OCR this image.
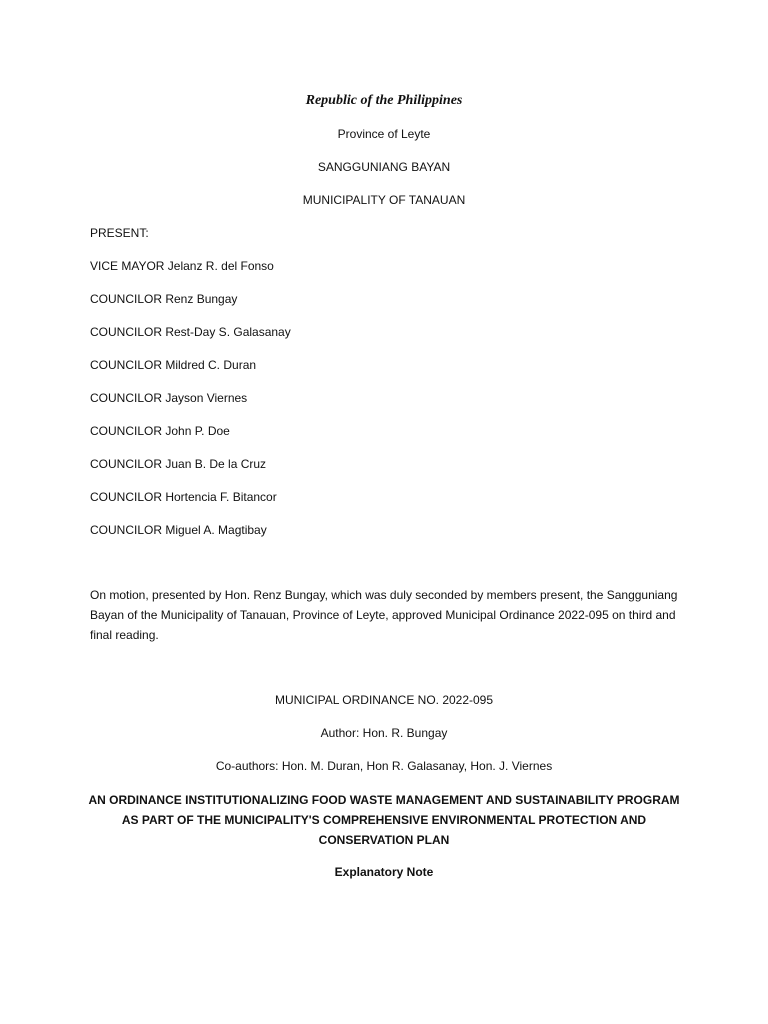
Republic of the Philippines
Province of Leyte
SANGGUNIANG BAYAN
MUNICIPALITY OF TANAUAN
PRESENT:
VICE MAYOR Jelanz R. del Fonso
COUNCILOR Renz Bungay
COUNCILOR Rest-Day S. Galasanay
COUNCILOR Mildred C. Duran
COUNCILOR Jayson Viernes
COUNCILOR John P. Doe
COUNCILOR Juan B. De la Cruz
COUNCILOR Hortencia F. Bitancor
COUNCILOR Miguel A. Magtibay
On motion, presented by Hon. Renz Bungay, which was duly seconded by members present, the Sangguniang Bayan of the Municipality of Tanauan, Province of Leyte, approved Municipal Ordinance 2022-095 on third and final reading.
MUNICIPAL ORDINANCE NO. 2022-095
Author: Hon. R. Bungay
Co-authors: Hon. M. Duran, Hon R. Galasanay, Hon. J. Viernes
AN ORDINANCE INSTITUTIONALIZING FOOD WASTE MANAGEMENT AND SUSTAINABILITY PROGRAM AS PART OF THE MUNICIPALITY'S COMPREHENSIVE ENVIRONMENTAL PROTECTION AND CONSERVATION PLAN
Explanatory Note
